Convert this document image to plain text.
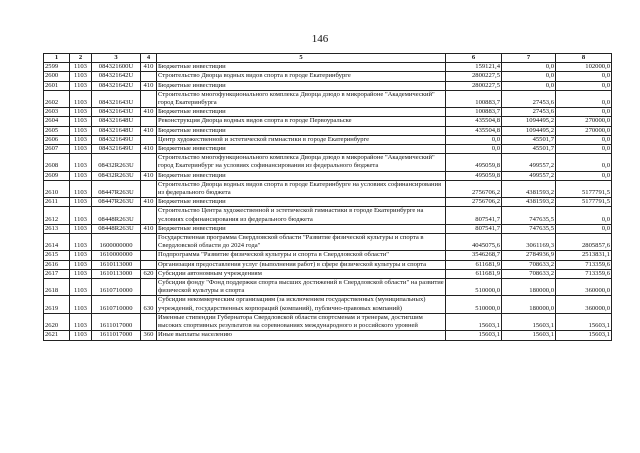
146
1	2	3	4	5	6	7	8
2599	1103	084321600U	410	Бюджетные инвестиции	159121,4	0,0	102000,0
2600	1103	084321642U		Строительство Дворца водных видов спорта в городе Екатеринбурге	2800227,5	0,0	0,0
2601	1103	084321642U	410	Бюджетные инвестиции	2800227,5	0,0	0,0
2602	1103	084321643U		Строительство многофункционального комплекса Дворца дзюдо в микрорайоне "Академический" город Екатеринбурга	100883,7	27453,6	0,0
2603	1103	084321643U	410	Бюджетные инвестиции	100883,7	27453,6	0,0
2604	1103	084321648U		Реконструкция Дворца водных видов спорта в городе Первоуральске	435504,8	1094495,2	270000,0
2605	1103	084321648U	410	Бюджетные инвестиции	435504,8	1094495,2	270000,0
2606	1103	084321649U		Центр художественной и эстетической гимнастики в городе Екатеринбурге	0,0	45501,7	0,0
2607	1103	084321649U	410	Бюджетные инвестиции	0,0	45501,7	0,0
2608	1103	08432R263U		Строительство многофункционального комплекса Дворца дзюдо в микрорайоне "Академический" город Екатеринбург на условиях софинансирования из федерального бюджета	495059,8	499557,2	0,0
2609	1103	08432R263U	410	Бюджетные инвестиции	495059,8	499557,2	0,0
2610	1103	08447R263U		Строительство Дворца водных видов спорта в городе Екатеринбурге на условиях софинансирования из федерального бюджета	2756706,2	4381593,2	5177791,5
2611	1103	08447R263U	410	Бюджетные инвестиции	2756706,2	4381593,2	5177791,5
2612	1103	08448R263U		Строительство Центра художественной и эстетической гимнастики в городе Екатеринбурге на условиях софинансирования из федерального бюджета	807541,7	747635,5	0,0
2613	1103	08448R263U	410	Бюджетные инвестиции	807541,7	747635,5	0,0
2614	1103	1600000000		Государственная программа Свердловской области "Развитие физической культуры и спорта в Свердловской области до 2024 года"	4045075,6	3061169,3	2805857,6
2615	1103	1610000000		Подпрограмма "Развитие физической культуры и спорта в Свердловской области"	3546268,7	2784936,9	2513831,1
2616	1103	1610113000		Организация предоставления услуг (выполнения работ) в сфере физической культуры и спорта	611681,9	708633,2	713359,6
2617	1103	1610113000	620	Субсидии автономным учреждениям	611681,9	708633,2	713359,6
2618	1103	1610710000		Субсидия фонду "Фонд поддержки спорта высших достижений в Свердловской области" на развитие физической культуры и спорта	510000,0	180000,0	360000,0
2619	1103	1610710000	630	Субсидии некоммерческим организациям (за исключением государственных (муниципальных) учреждений, государственных корпораций (компаний), публично-правовых компаний)	510000,0	180000,0	360000,0
2620	1103	1611017000		Именные стипендии Губернатора Свердловской области спортсменам и тренерам, достигшим высоких спортивных результатов на соревнованиях международного и российского уровней	15603,1	15603,1	15603,1
2621	1103	1611017000	360	Иные выплаты населению	15603,1	15603,1	15603,1
